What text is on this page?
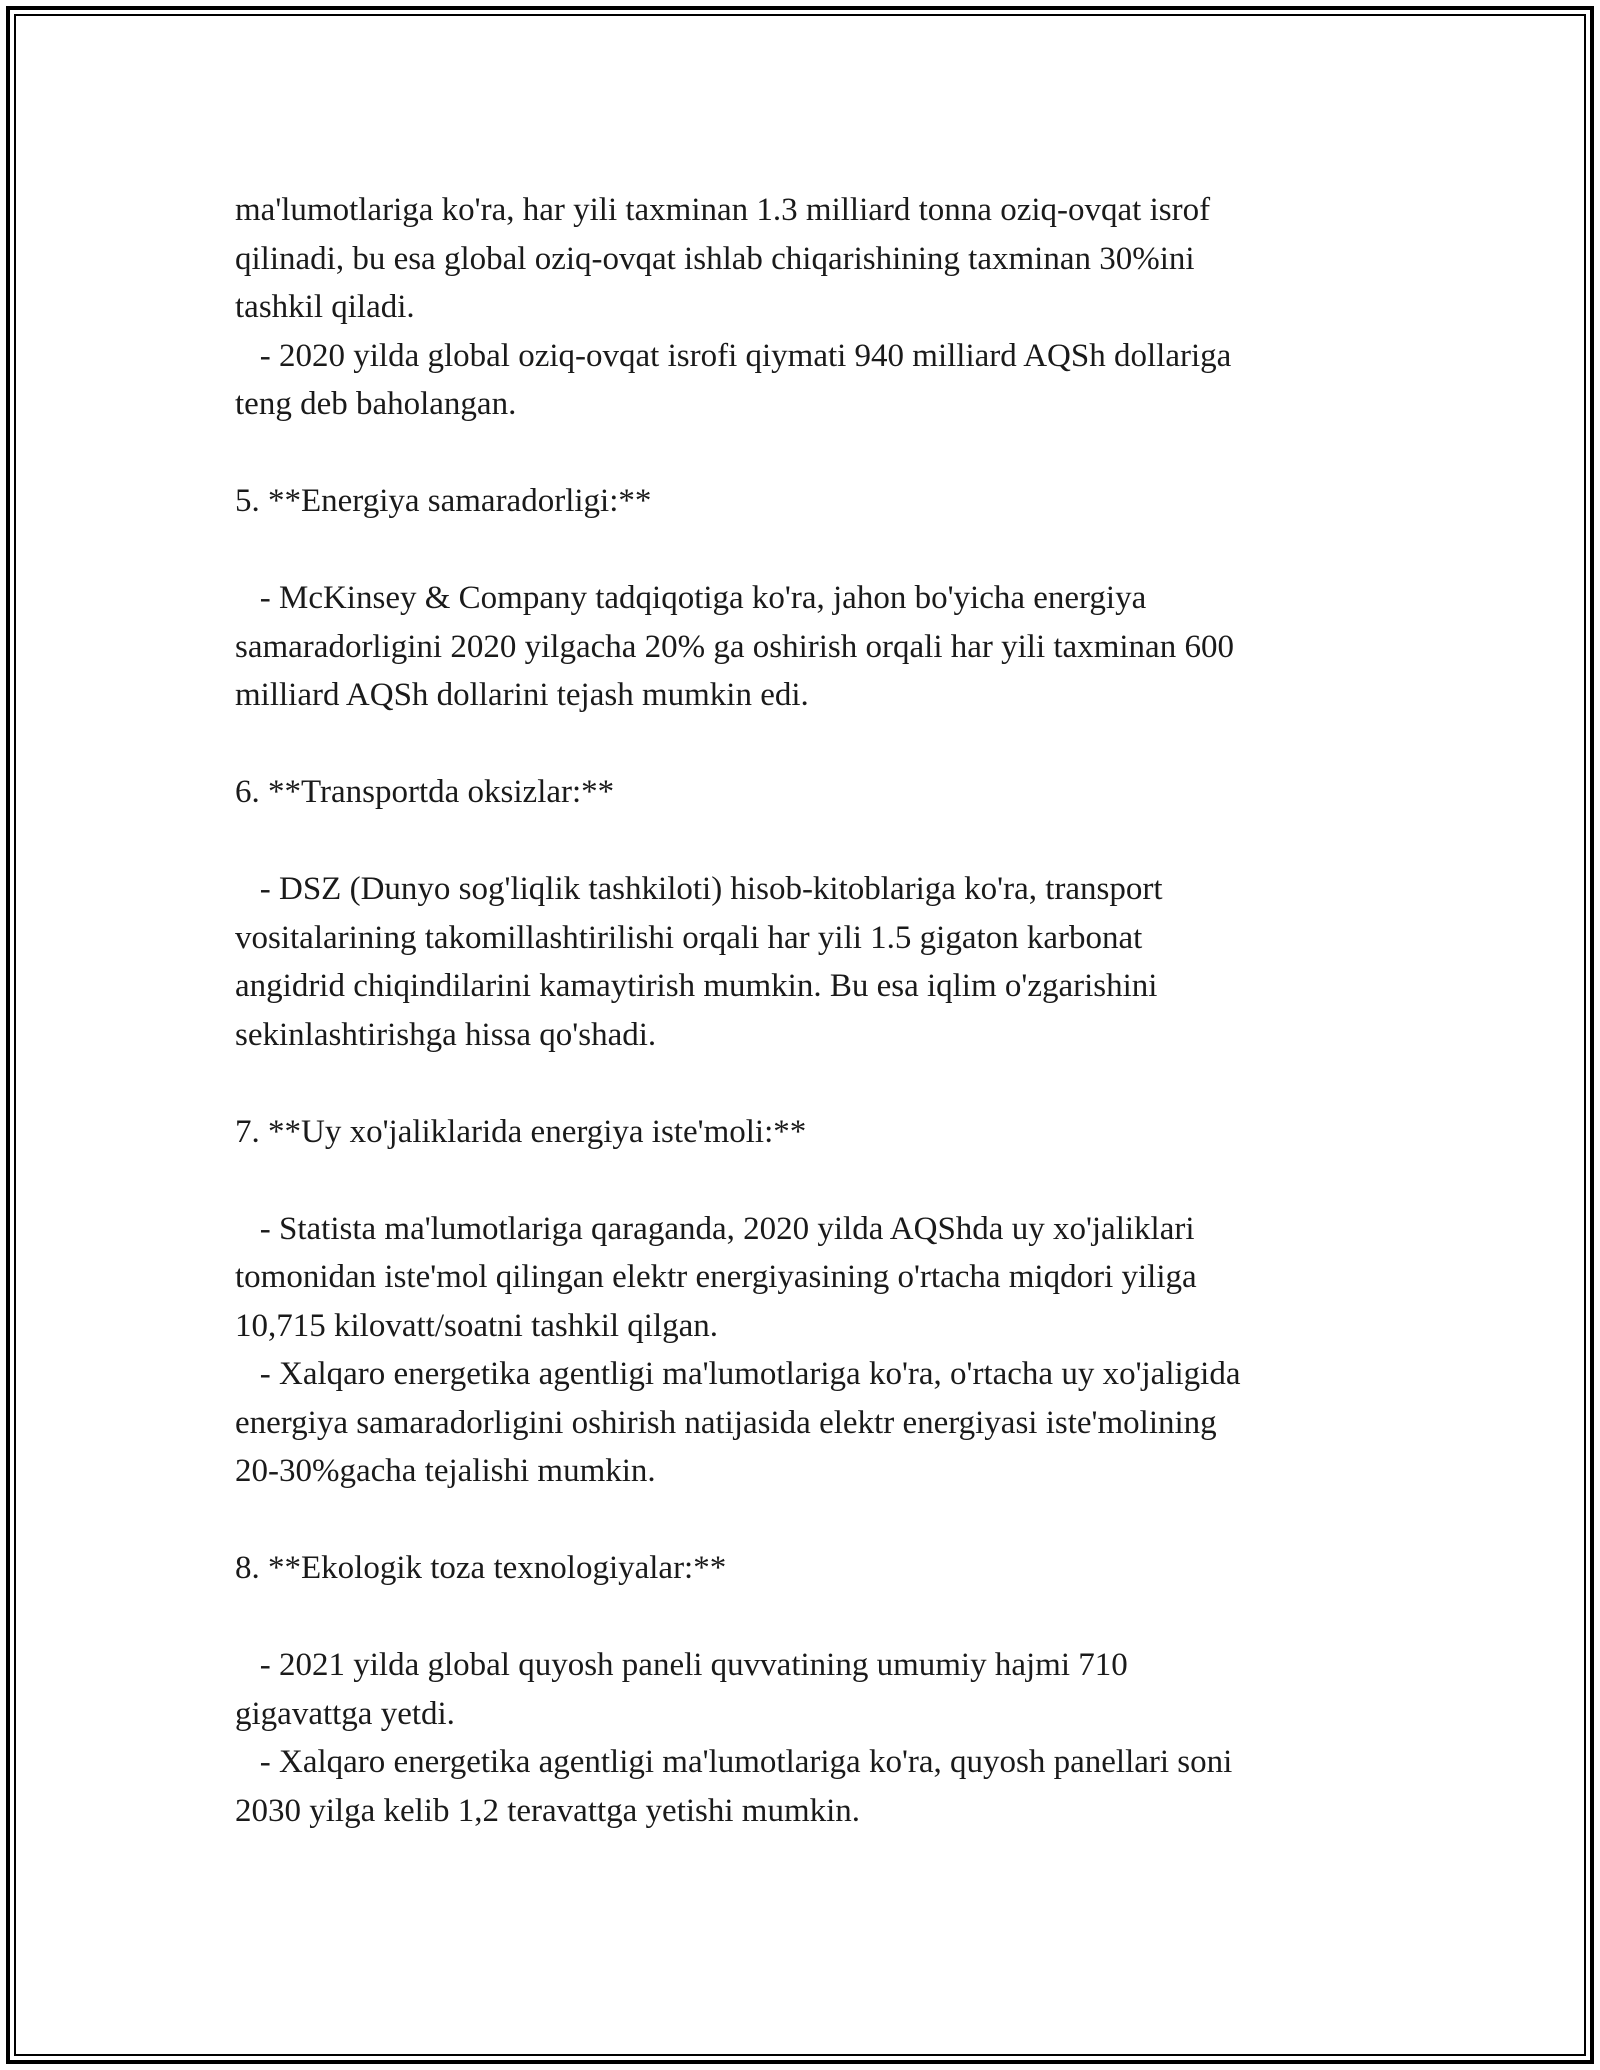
ma'lumotlariga ko'ra, har yili taxminan 1.3 milliard tonna oziq-ovqat isrof
qilinadi, bu esa global oziq-ovqat ishlab chiqarishining taxminan 30%ini
tashkil qiladi.
- 2020 yilda global oziq-ovqat isrofi qiymati 940 milliard AQSh dollariga
teng deb baholangan.
5. **Energiya samaradorligi:**
- McKinsey & Company tadqiqotiga ko'ra, jahon bo'yicha energiya
samaradorligini 2020 yilgacha 20% ga oshirish orqali har yili taxminan 600
milliard AQSh dollarini tejash mumkin edi.
6. **Transportda oksizlar:**
- DSZ (Dunyo sog'liqlik tashkiloti) hisob-kitoblariga ko'ra, transport
vositalarining takomillashtirilishi orqali har yili 1.5 gigaton karbonat
angidrid chiqindilarini kamaytirish mumkin. Bu esa iqlim o'zgarishini
sekinlashtirishga hissa qo'shadi.
7. **Uy xo'jaliklarida energiya iste'moli:**
- Statista ma'lumotlariga qaraganda, 2020 yilda AQShda uy xo'jaliklari
tomonidan iste'mol qilingan elektr energiyasining o'rtacha miqdori yiliga
10,715 kilovatt/soatni tashkil qilgan.
- Xalqaro energetika agentligi ma'lumotlariga ko'ra, o'rtacha uy xo'jaligida
energiya samaradorligini oshirish natijasida elektr energiyasi iste'molining
20-30%gacha tejalishi mumkin.
8. **Ekologik toza texnologiyalar:**
- 2021 yilda global quyosh paneli quvvatining umumiy hajmi 710
gigavattga yetdi.
- Xalqaro energetika agentligi ma'lumotlariga ko'ra, quyosh panellari soni
2030 yilga kelib 1,2 teravattga yetishi mumkin.
